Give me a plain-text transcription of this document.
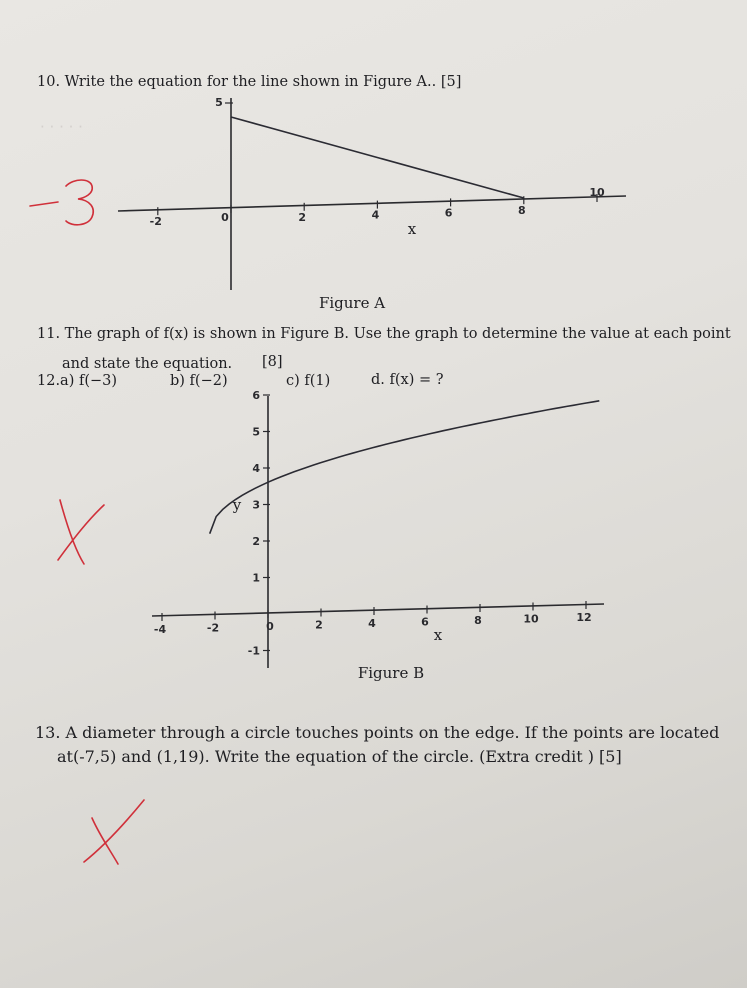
· · · · ·
10. Write the equation for the line shown in Figure A.. [5]
5
-2	0	2	4	6	8
10
x
Figure A
11. The graph of f(x) is shown in Figure B. Use the graph to determine the value at each point
and state the equation. [8]
12.a) f(−3)	b) f(−2)	c) f(1)	d. f(x) = ?
-1
1
2
3
4
5
6
-4	-2	0	2	4	6	8	10	12
x
y
Figure B
13. A diameter through a circle touches points on the edge. If the points are located
at(-7,5) and (1,19). Write the equation of the circle. (Extra credit ) [5]
